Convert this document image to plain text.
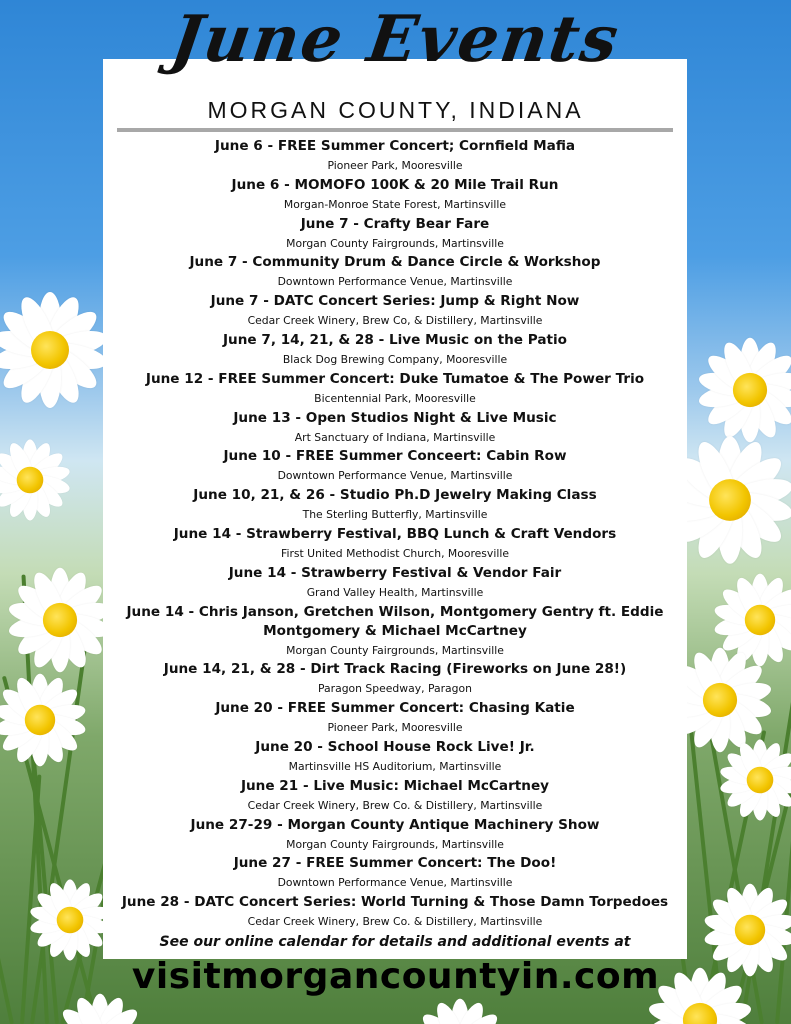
June Events
MORGAN COUNTY, INDIANA
June 6 - FREE Summer Concert; Cornfield Mafia
Pioneer Park, Mooresville
June 6 - MOMOFO 100K & 20 Mile Trail Run
Morgan-Monroe State Forest, Martinsville
June 7 - Crafty Bear Fare
Morgan County Fairgrounds, Martinsville
June 7 - Community Drum & Dance Circle & Workshop
Downtown Performance Venue, Martinsville
June 7 - DATC Concert Series: Jump & Right Now
Cedar Creek Winery, Brew Co, & Distillery, Martinsville
June 7, 14, 21, & 28 - Live Music on the Patio
Black Dog Brewing Company, Mooresville
June 12 - FREE Summer Concert: Duke Tumatoe & The Power Trio
Bicentennial Park, Mooresville
June 13 - Open Studios Night & Live Music
Art Sanctuary of Indiana, Martinsville
June 10 - FREE Summer Conceert: Cabin Row
Downtown Performance Venue, Martinsville
June 10, 21, & 26 - Studio Ph.D Jewelry Making Class
The Sterling Butterfly, Martinsville
June 14 - Strawberry Festival, BBQ Lunch & Craft Vendors
First United Methodist Church, Mooresville
June 14 - Strawberry Festival & Vendor Fair
Grand Valley Health, Martinsville
June 14 - Chris Janson, Gretchen Wilson, Montgomery Gentry ft. Eddie Montgomery & Michael McCartney
Morgan County Fairgrounds, Martinsville
June 14, 21, & 28 - Dirt Track Racing (Fireworks on June 28!)
Paragon Speedway, Paragon
June 20 - FREE Summer Concert: Chasing Katie
Pioneer Park, Mooresville
June 20 - School House Rock Live! Jr.
Martinsville HS Auditorium, Martinsville
June 21 - Live Music: Michael McCartney
Cedar Creek Winery, Brew Co. & Distillery, Martinsville
June 27-29 - Morgan County Antique Machinery Show
Morgan County Fairgrounds, Martinsville
June 27 - FREE Summer Concert: The Doo!
Downtown Performance Venue, Martinsville
June 28 - DATC Concert Series: World Turning & Those Damn Torpedoes
Cedar Creek Winery, Brew Co. & Distillery, Martinsville
See our online calendar for details and additional events at
visitmorgancountyin.com
